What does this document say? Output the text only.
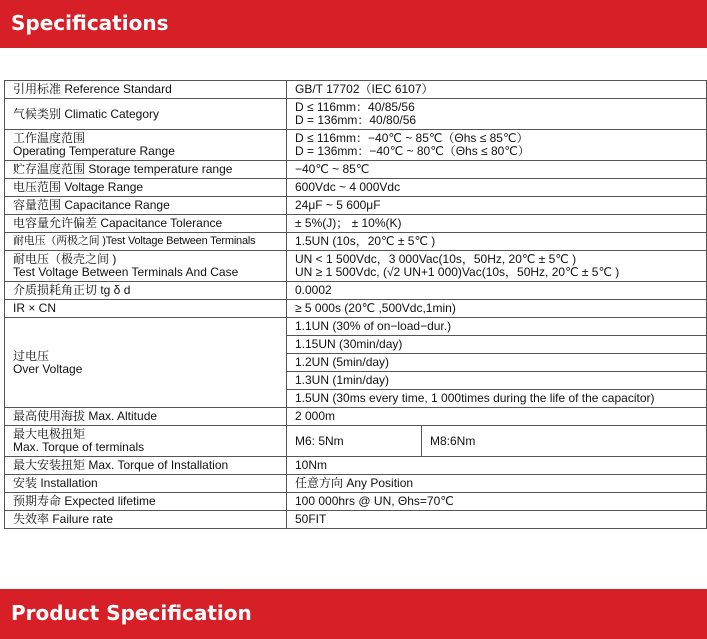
Specifications
引用标准 Reference Standard	GB/T 17702（IEC 6107）	
气候类别 Climatic Category	D ≤ 116mm：40/85/56
D = 136mm：40/80/56	

工作温度范围
Operating Temperature Range	D ≤ 116mm：−40℃ ~ 85℃（Θhs ≤ 85℃）
D = 136mm：−40℃ ~ 80℃（Θhs ≤ 80℃）	

贮存温度范围 Storage temperature range	−40℃ ~ 85℃	
电压范围 Voltage Range	600Vdc ~ 4 000Vdc	
容量范围 Capacitance Range	24μF ~ 5 600μF	
电容量允许偏差 Capacitance Tolerance	± 5%(J)； ± 10%(K)	
耐电压（两极之间 )Test Voltage Between Terminals	1.5UN (10s，20℃ ± 5℃ )	

耐电压（极壳之间 )
Test Voltage Between Terminals And Case	UN < 1 500Vdc，3 000Vac(10s，50Hz, 20℃ ± 5℃ )
UN ≥ 1 500Vdc, (√2 UN+1 000)Vac(10s，50Hz, 20℃ ± 5℃ )	

介质损耗角正切 tg δ d	0.0002	
IR × CN	≥ 5 000s (20℃ ,500Vdc,1min)	

过电压
Over Voltage	1.1UN (30% of on−load−dur.)	
	1.15UN (30min/day)	
	1.2UN (5min/day)	
	1.3UN (1min/day)	
	1.5UN (30ms every time, 1 000times during the life of the capacitor)	
最高使用海拔 Max. Altitude	2 000m	

最大电极扭矩
Max. Torque of terminals	M6: 5Nm	M8:6Nm
最大安装扭矩 Max. Torque of Installation	10Nm	
安装 Installation	任意方向 Any Position	
预期寿命 Expected lifetime	100 000hrs @ UN, Θhs=70℃	
失效率 Failure rate	50FIT	
Product Specification
